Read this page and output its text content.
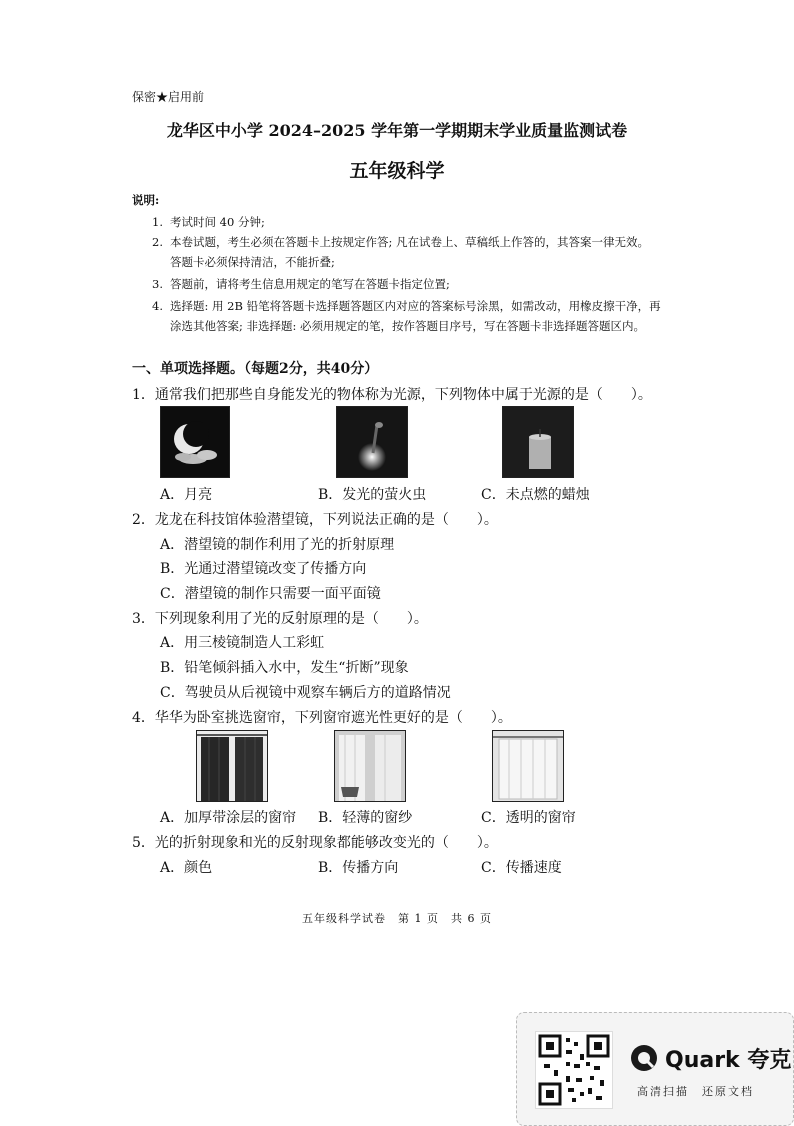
保密★启用前
龙华区中小学 2024–2025 学年第一学期期末学业质量监测试卷
五年级科学
说明:
1. 考试时间 40 分钟;
2. 本卷试题，考生必须在答题卡上按规定作答; 凡在试卷上、草稿纸上作答的，其答案一律无效。
答题卡必须保持清洁，不能折叠;
3. 答题前，请将考生信息用规定的笔写在答题卡指定位置;
4. 选择题: 用 2B 铅笔将答题卡选择题答题区内对应的答案标号涂黑，如需改动，用橡皮擦干净，再
涂选其他答案; 非选择题: 必须用规定的笔，按作答题目序号，写在答题卡非选择题答题区内。
一、单项选择题。（每题2分，共40分）
1．通常我们把那些自身能发光的物体称为光源，下列物体中属于光源的是（　　）。
A．月亮	B．发光的萤火虫	C．未点燃的蜡烛
2．龙龙在科技馆体验潜望镜，下列说法正确的是（　　）。
A．潜望镜的制作利用了光的折射原理
B．光通过潜望镜改变了传播方向
C．潜望镜的制作只需要一面平面镜
3．下列现象利用了光的反射原理的是（　　）。
A．用三棱镜制造人工彩虹
B．铅笔倾斜插入水中，发生“折断”现象
C．驾驶员从后视镜中观察车辆后方的道路情况
4．华华为卧室挑选窗帘，下列窗帘遮光性更好的是（　　）。
A．加厚带涂层的窗帘 B．轻薄的窗纱	C．透明的窗帘
5．光的折射现象和光的反射现象都能够改变光的（　　）。
A．颜色	B．传播方向	C．传播速度
五年级科学试卷　第 1 页　共 6 页
Quark 夸克
高清扫描　还原文档
